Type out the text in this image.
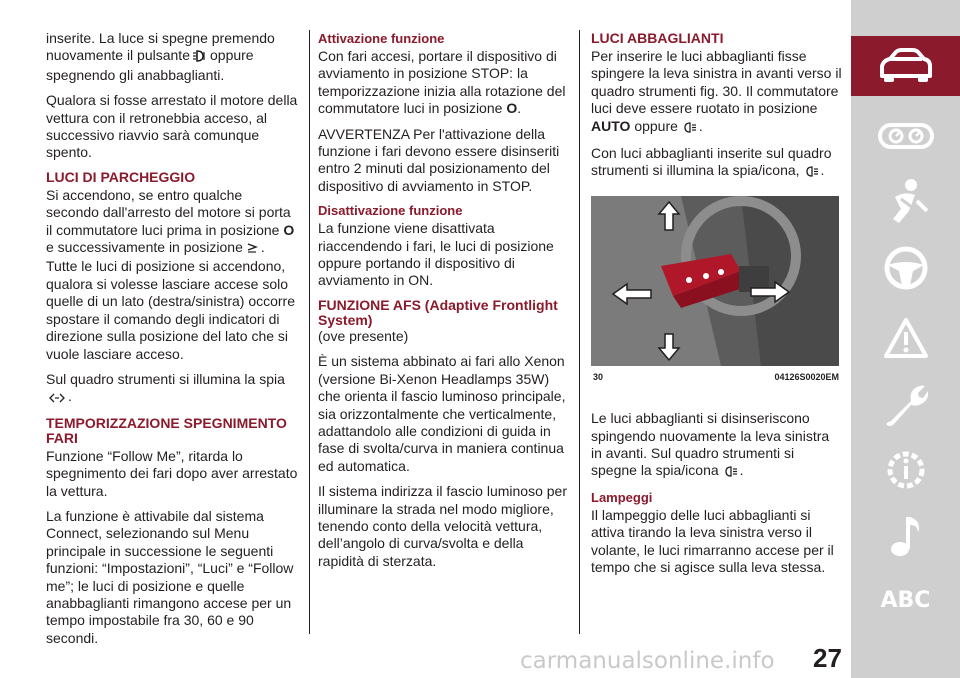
inserite. La luce si spegne premendo nuovamente il pulsante oppure spegnendo gli anabbaglianti.

Qualora si fosse arrestato il motore della vettura con il retronebbia acceso, al successivo riavvio sarà comunque spento.

LUCI DI PARCHEGGIO

Si accendono, se entro qualche secondo dall'arresto del motore si porta il commutatore luci prima in posizione O e successivamente in posizione . Tutte le luci di posizione si accendono, qualora si volesse lasciare accese solo quelle di un lato (destra/sinistra) occorre spostare il comando degli indicatori di direzione sulla posizione del lato che si vuole lasciare acceso.

Sul quadro strumenti si illumina la spia
.

TEMPORIZZAZIONE SPEGNIMENTO FARI

Funzione “Follow Me”, ritarda lo spegnimento dei fari dopo aver arrestato la vettura.

La funzione è attivabile dal sistema Connect, selezionando sul Menu principale in successione le seguenti funzioni: “Impostazioni”, “Luci” e “Follow me”; le luci di posizione e quelle anabbaglianti rimangono accese per un tempo impostabile fra 30, 60 e 90 secondi.

Attivazione funzione

Con fari accesi, portare il dispositivo di avviamento in posizione STOP: la temporizzazione inizia alla rotazione del commutatore luci in posizione O.

AVVERTENZA Per l'attivazione della funzione i fari devono essere disinseriti entro 2 minuti dal posizionamento del dispositivo di avviamento in STOP.

Disattivazione funzione

La funzione viene disattivata riaccendendo i fari, le luci di posizione oppure portando il dispositivo di avviamento in ON.

FUNZIONE AFS (Adaptive Frontlight System)

(ove presente)

È un sistema abbinato ai fari allo Xenon (versione Bi-Xenon Headlamps 35W) che orienta il fascio luminoso principale, sia orizzontalmente che verticalmente, adattandolo alle condizioni di guida in fase di svolta/curva in maniera continua ed automatica.

Il sistema indirizza il fascio luminoso per illuminare la strada nel modo migliore, tenendo conto della velocità vettura, dell’angolo di curva/svolta e della rapidità di sterzata.

LUCI ABBAGLIANTI

Per inserire le luci abbaglianti fisse spingere la leva sinistra in avanti verso il quadro strumenti fig. 30. Il commutatore luci deve essere ruotato in posizione
AUTO oppure .

Con luci abbaglianti inserite sul quadro strumenti si illumina la spia/icona, .

30	04126S0020EM

Le luci abbaglianti si disinseriscono spingendo nuovamente la leva sinistra in avanti. Sul quadro strumenti si spegne la spia/icona .

Lampeggi

Il lampeggio delle luci abbaglianti si attiva tirando la leva sinistra verso il volante, le luci rimarranno accese per il tempo che si agisce sulla leva stessa.

ABC
carmanualsonline.info 27
